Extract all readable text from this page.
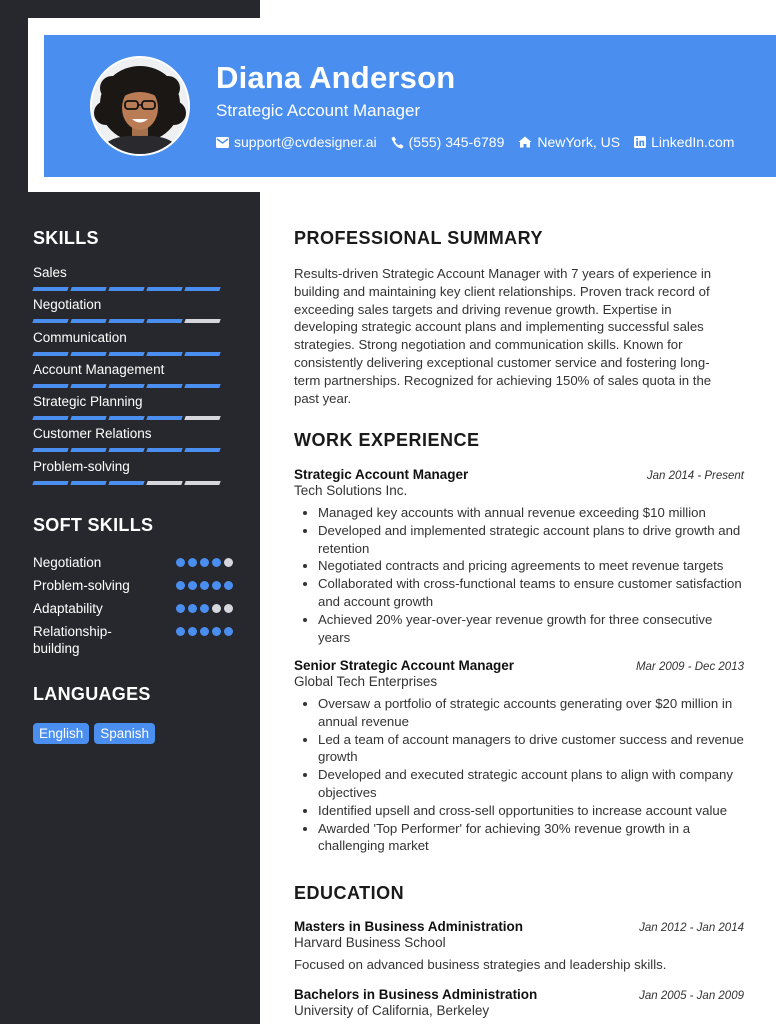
Diana Anderson
Strategic Account Manager
support@cvdesigner.ai (555) 345-6789 NewYork, US LinkedIn.com
SKILLS
Sales
Negotiation
Communication
Account Management
Strategic Planning
Customer Relations
Problem-solving
SOFT SKILLS
Negotiation
Problem-solving
Adaptability
Relationship-building
LANGUAGES
English	Spanish
PROFESSIONAL SUMMARY
Results-driven Strategic Account Manager with 7 years of experience in building and maintaining key client relationships. Proven track record of exceeding sales targets and driving revenue growth. Expertise in developing strategic account plans and implementing successful sales strategies. Strong negotiation and communication skills. Known for consistently delivering exceptional customer service and fostering long-term partnerships. Recognized for achieving 150% of sales quota in the past year.
WORK EXPERIENCE
Strategic Account Manager	Jan 2014 - Present
Tech Solutions Inc.
• Managed key accounts with annual revenue exceeding $10 million
• Developed and implemented strategic account plans to drive growth and retention
• Negotiated contracts and pricing agreements to meet revenue targets
• Collaborated with cross-functional teams to ensure customer satisfaction and account growth
• Achieved 20% year-over-year revenue growth for three consecutive years
Senior Strategic Account Manager	Mar 2009 - Dec 2013
Global Tech Enterprises
• Oversaw a portfolio of strategic accounts generating over $20 million in annual revenue
• Led a team of account managers to drive customer success and revenue growth
• Developed and executed strategic account plans to align with company objectives
• Identified upsell and cross-sell opportunities to increase account value
• Awarded 'Top Performer' for achieving 30% revenue growth in a challenging market
EDUCATION
Masters in Business Administration	Jan 2012 - Jan 2014
Harvard Business School
Focused on advanced business strategies and leadership skills.
Bachelors in Business Administration	Jan 2005 - Jan 2009
University of California, Berkeley
